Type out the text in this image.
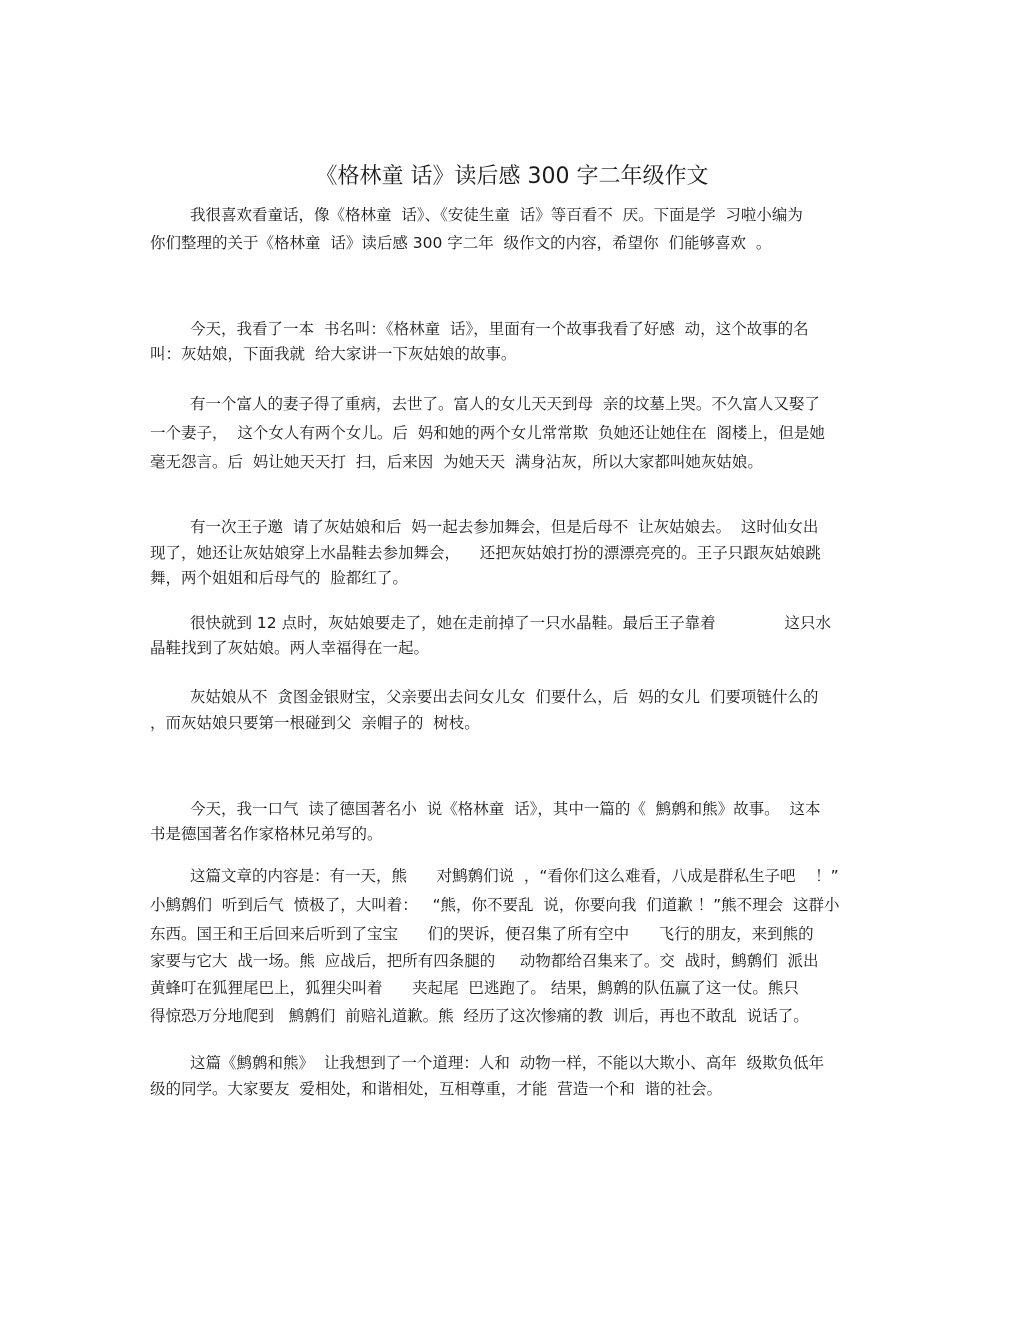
《格林童 话》读后感 300 字二年级作文
我很喜欢看童话，像《格林童  话》、《安徒生童  话》等百看不  厌。下面是学  习啦小编为
你们整理的关于《格林童  话》读后感 300 字二年  级作文的内容，希望你  们能够喜欢  。
今天，我看了一本  书名叫：《格林童  话》，里面有一个故事我看了好感  动，这个故事的名
叫：灰姑娘，下面我就  给大家讲一下灰姑娘的故事。
有一个富人的妻子得了重病，去世了。富人的女儿天天到母  亲的坟墓上哭。不久富人又娶了
一个妻子，  这个女人有两个女儿。后  妈和她的两个女儿常常欺  负她还让她住在  阁楼上，但是她
毫无怨言。后  妈让她天天打  扫，后来因  为她天天  满身沾灰，所以大家都叫她灰姑娘。
有一次王子邀  请了灰姑娘和后  妈一起去参加舞会，但是后母不  让灰姑娘去。  这时仙女出
现了，她还让灰姑娘穿上水晶鞋去参加舞会，    还把灰姑娘打扮的漂漂亮亮的。王子只跟灰姑娘跳
舞，两个姐姐和后母气的  脸都红了。
很快就到 12 点时，灰姑娘要走了，她在走前掉了一只水晶鞋。最后王子靠着              这只水
晶鞋找到了灰姑娘。两人幸福得在一起。
灰姑娘从不  贪图金银财宝，父亲要出去问女儿女  们要什么，后  妈的女儿  们要项链什么的
，而灰姑娘只要第一根碰到父  亲帽子的  树枝。
今天，我一口气  读了德国著名小  说《格林童  话》，其中一篇的《  鹪鹩和熊》故事。  这本
书是德国著名作家格林兄弟写的。
这篇文章的内容是：有一天，熊      对鹪鹩们说  ，“看你们这么难看，八成是群私生子吧    ！”
小鹪鹩们  听到后气  愤极了，大叫着：   “熊，你不要乱  说，你要向我  们道歉 ！”熊不理会  这群小
东西。国王和王后回来后听到了宝宝      们的哭诉，便召集了所有空中      飞行的朋友，来到熊的
家要与它大  战一场。熊  应战后，把所有四条腿的     动物都给召集来了。交  战时，鹪鹩们  派出
黄蜂叮在狐狸尾巴上，狐狸尖叫着      夹起尾  巴逃跑了。 结果，鹪鹩的队伍赢了这一仗。熊只
得惊恐万分地爬到   鹪鹩们  前赔礼道歉。熊  经历了这次惨痛的教  训后，再也不敢乱  说话了。
这篇《鹪鹩和熊》  让我想到了一个道理：人和  动物一样，不能以大欺小、高年  级欺负低年
级的同学。大家要友  爱相处，和谐相处，互相尊重，才能  营造一个和  谐的社会。
